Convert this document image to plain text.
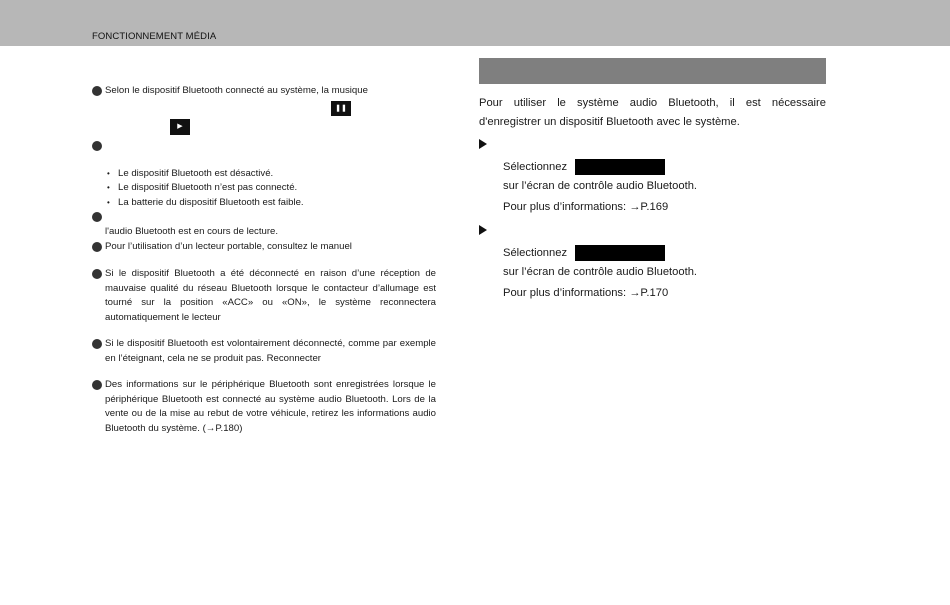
FONCTIONNEMENT MÉDIA
Selon le dispositif Bluetooth connecté au système, la musique
❚❚
▶
• Le dispositif Bluetooth est désactivé.
• Le dispositif Bluetooth n’est pas connecté.
• La batterie du dispositif Bluetooth est faible.
l'audio Bluetooth est en cours de lecture.
Pour l’utilisation d’un lecteur portable, consultez le manuel
Si le dispositif Bluetooth a été déconnecté en raison d’une réception de mauvaise qualité du réseau Bluetooth lorsque le contacteur d’allumage est tourné sur la position «ACC» ou «ON», le système reconnectera automatiquement le lecteur
Si le dispositif Bluetooth est volontairement déconnecté, comme par exemple en l’éteignant, cela ne se produit pas. Reconnecter
Des informations sur le périphérique Bluetooth sont enregistrées lorsque le périphérique Bluetooth est connecté au système audio Bluetooth. Lors de la vente ou de la mise au rebut de votre véhicule, retirez les informations audio Bluetooth du système. (→P.180)
Pour utiliser le système audio Bluetooth, il est nécessaire d'enregistrer un dispositif Bluetooth avec le système.
Sélectionnez
sur l’écran de contrôle audio Bluetooth.
Pour plus d’informations: →P.169
Sélectionnez
sur l’écran de contrôle audio Bluetooth.
Pour plus d’informations: →P.170
